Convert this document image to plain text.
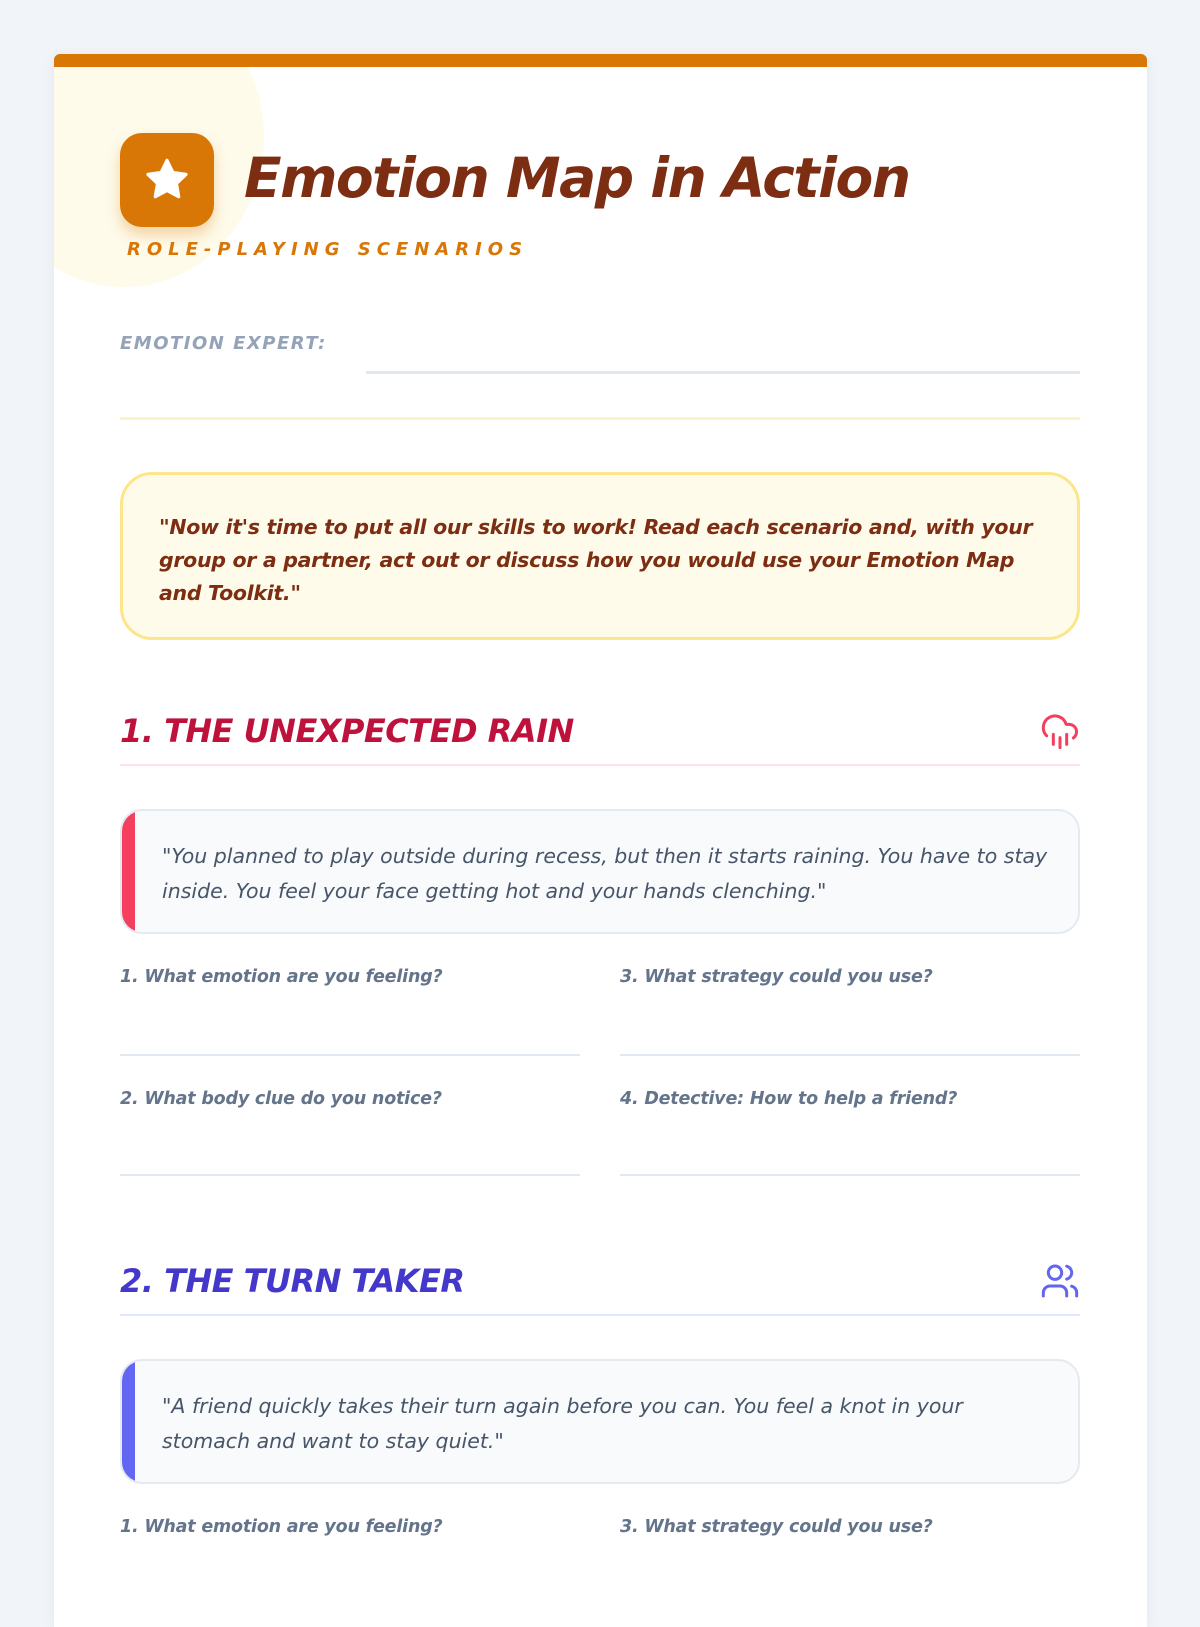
Emotion Map in Action
ROLE-PLAYING SCENARIOS
EMOTION EXPERT:
"Now it's time to put all our skills to work! Read each scenario and, with your group or a partner, act out or discuss how you would use your Emotion Map and Toolkit."
1. THE UNEXPECTED RAIN
"You planned to play outside during recess, but then it starts raining. You have to stay inside. You feel your face getting hot and your hands clenching."
1. What emotion are you feeling?	3. What strategy could you use?
2. What body clue do you notice?	4. Detective: How to help a friend?
2. THE TURN TAKER
"A friend quickly takes their turn again before you can. You feel a knot in your stomach and want to stay quiet."
1. What emotion are you feeling?	3. What strategy could you use?
